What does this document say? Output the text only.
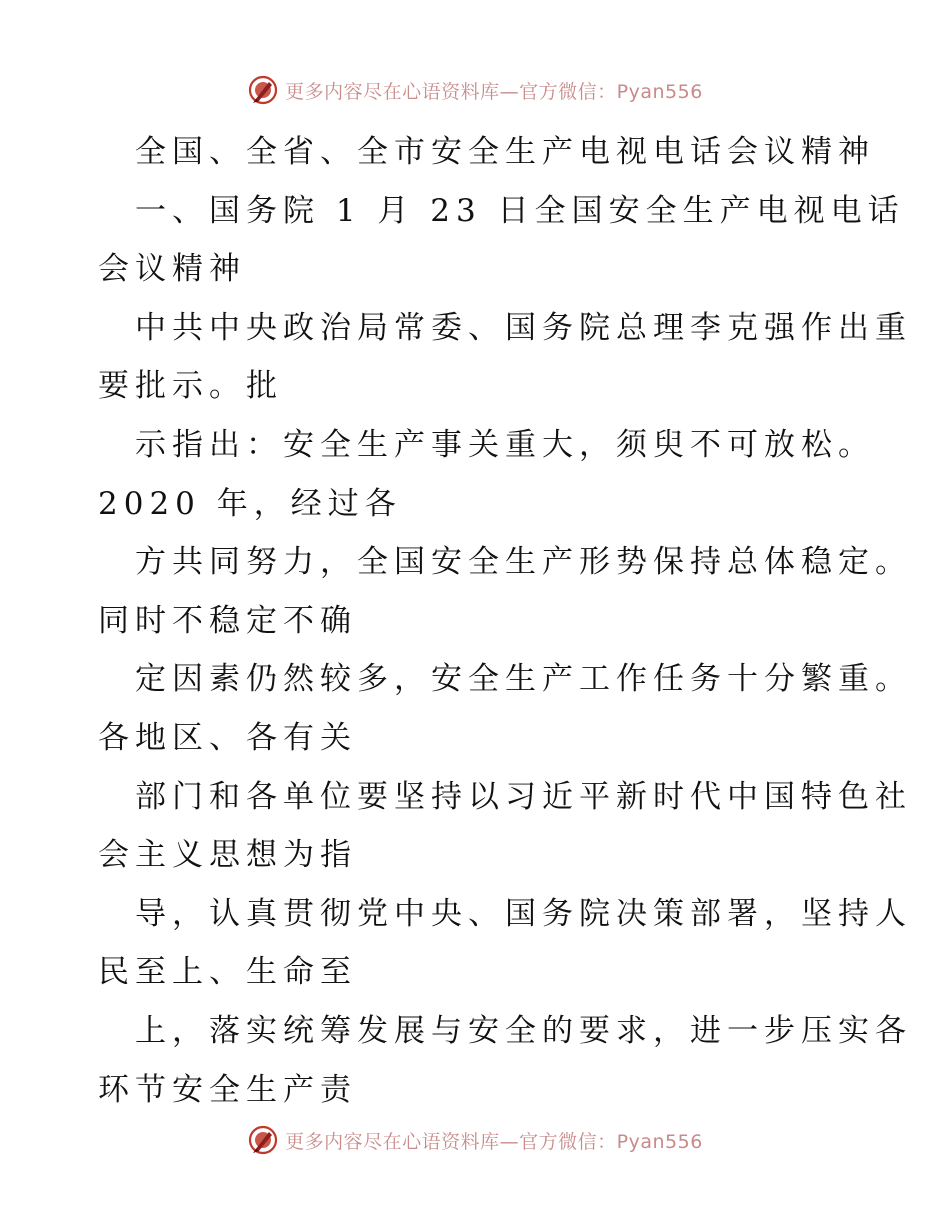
更多内容尽在心语资料库—官方微信：Pyan556
全国、全省、全市安全生产电视电话会议精神
一、国务院 1 月 23 日全国安全生产电视电话
会议精神
中共中央政治局常委、国务院总理李克强作出重
要批示。批
示指出：安全生产事关重大，须臾不可放松。
2020 年，经过各
方共同努力，全国安全生产形势保持总体稳定。
同时不稳定不确
定因素仍然较多，安全生产工作任务十分繁重。
各地区、各有关
部门和各单位要坚持以习近平新时代中国特色社
会主义思想为指
导，认真贯彻党中央、国务院决策部署，坚持人
民至上、生命至
上，落实统筹发展与安全的要求，进一步压实各
环节安全生产责
更多内容尽在心语资料库—官方微信：Pyan556
